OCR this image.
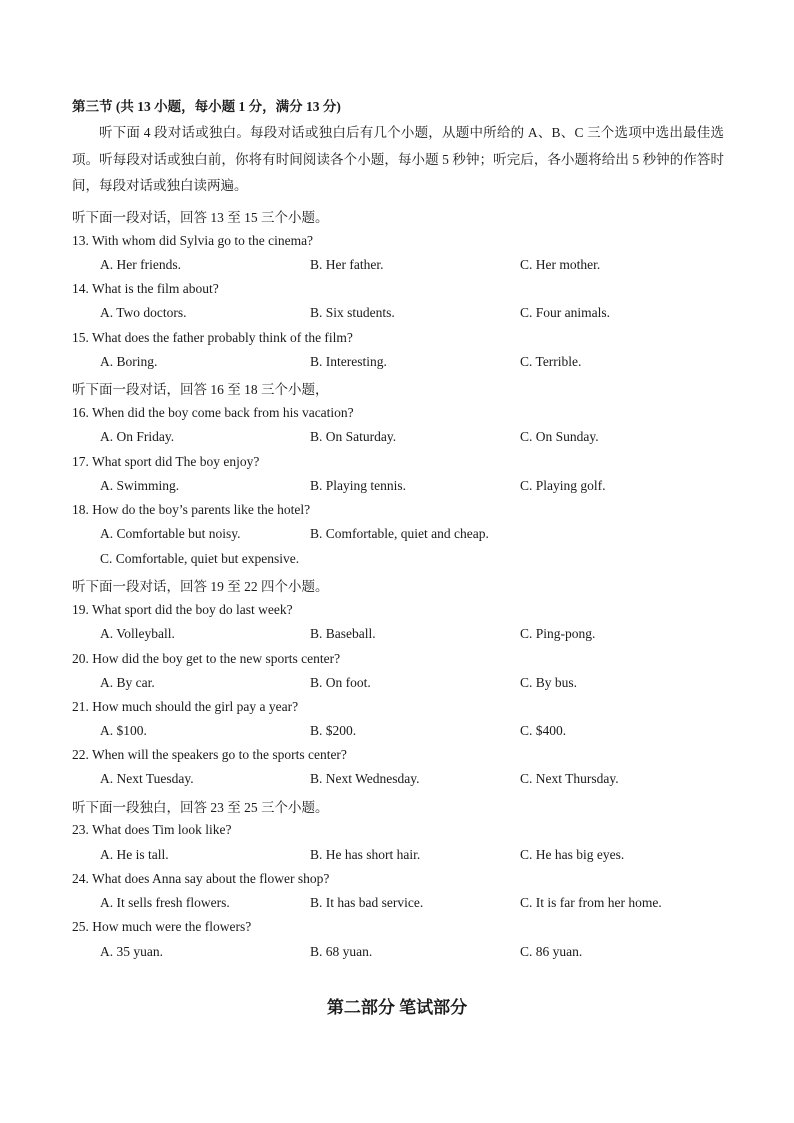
第三节 (共 13 小题，每小题 1 分，满分 13 分)
听下面 4 段对话或独白。每段对话或独白后有几个小题，从题中所给的 A、B、C 三个选项中选出最佳选项。听每段对话或独白前，你将有时间阅读各个小题，每小题 5 秒钟；听完后，各小题将给出 5 秒钟的作答时间，每段对话或独白读两遍。
听下面一段对话，回答 13 至 15 三个小题。
13. With whom did Sylvia go to the cinema?
A. Her friends.	B. Her father.	C. Her mother.
14. What is the film about?
A. Two doctors.	B. Six students.	C. Four animals.
15. What does the father probably think of the film?
A. Boring.	B. Interesting.	C. Terrible.
听下面一段对话，回答 16 至 18 三个小题，
16. When did the boy come back from his vacation?
A. On Friday.	B. On Saturday.	C. On Sunday.
17. What sport did The boy enjoy?
A. Swimming.	B. Playing tennis.	C. Playing golf.
18. How do the boy’s parents like the hotel?
A. Comfortable but noisy.	B. Comfortable, quiet and cheap.
C. Comfortable, quiet but expensive.
听下面一段对话，回答 19 至 22 四个小题。
19. What sport did the boy do last week?
A. Volleyball.	B. Baseball.	C. Ping-pong.
20. How did the boy get to the new sports center?
A. By car.	B. On foot.	C. By bus.
21. How much should the girl pay a year?
A. $100.	B. $200.	C. $400.
22. When will the speakers go to the sports center?
A. Next Tuesday.	B. Next Wednesday.	C. Next Thursday.
听下面一段独白，回答 23 至 25 三个小题。
23. What does Tim look like?
A. He is tall.	B. He has short hair.	C. He has big eyes.
24. What does Anna say about the flower shop?
A. It sells fresh flowers.	B. It has bad service.	C. It is far from her home.
25. How much were the flowers?
A. 35 yuan.	B. 68 yuan.	C. 86 yuan.
第二部分 笔试部分
